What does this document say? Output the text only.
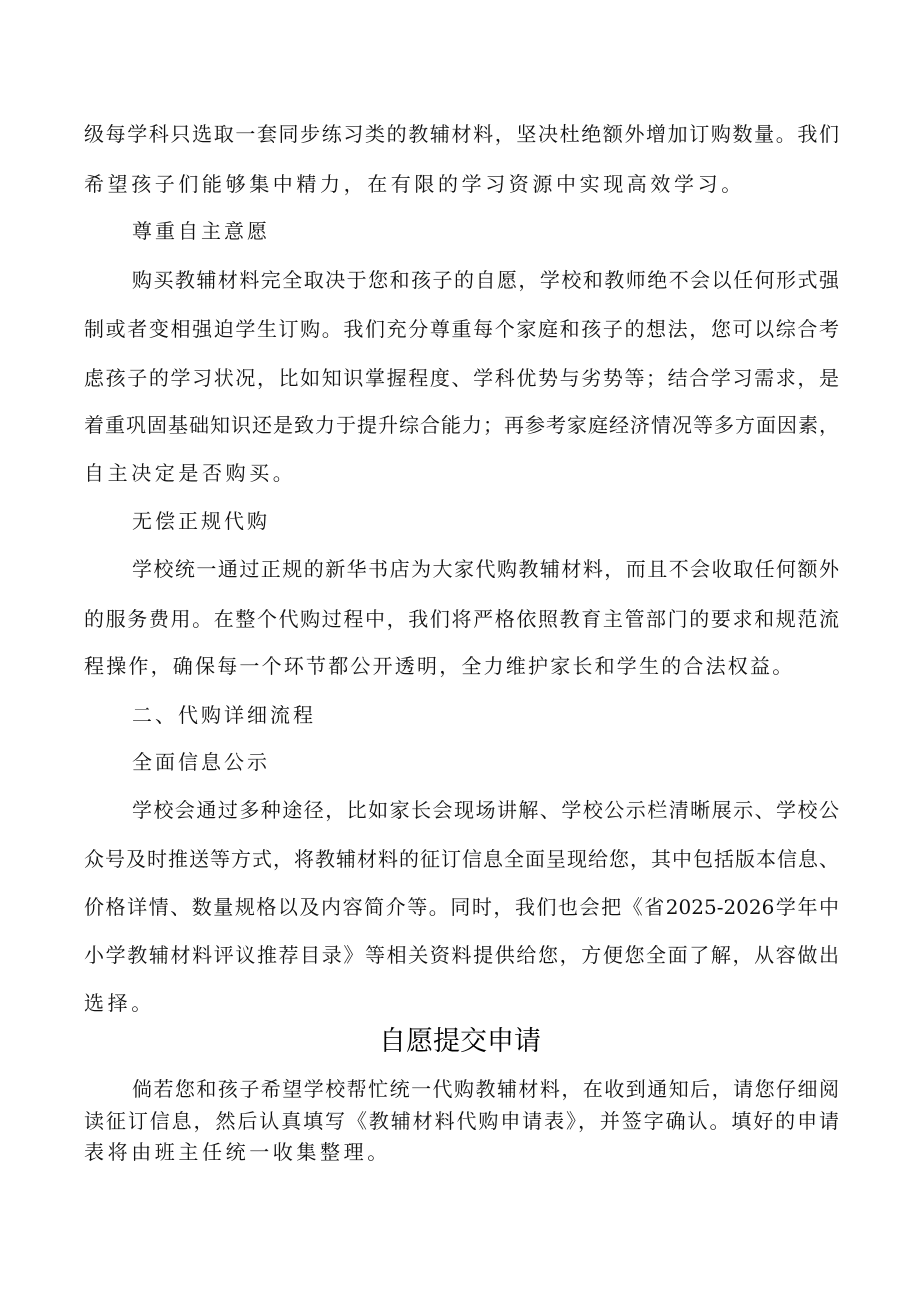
级每学科只选取一套同步练习类的教辅材料，坚决杜绝额外增加订购数量。我们
希望孩子们能够集中精力，在有限的学习资源中实现高效学习。
尊重自主意愿
购买教辅材料完全取决于您和孩子的自愿，学校和教师绝不会以任何形式强
制或者变相强迫学生订购。我们充分尊重每个家庭和孩子的想法，您可以综合考
虑孩子的学习状况，比如知识掌握程度、学科优势与劣势等；结合学习需求，是
着重巩固基础知识还是致力于提升综合能力；再参考家庭经济情况等多方面因素，
自主决定是否购买。
无偿正规代购
学校统一通过正规的新华书店为大家代购教辅材料，而且不会收取任何额外
的服务费用。在整个代购过程中，我们将严格依照教育主管部门的要求和规范流
程操作，确保每一个环节都公开透明，全力维护家长和学生的合法权益。
二、代购详细流程
全面信息公示
学校会通过多种途径，比如家长会现场讲解、学校公示栏清晰展示、学校公
众号及时推送等方式，将教辅材料的征订信息全面呈现给您，其中包括版本信息、
价格详情、数量规格以及内容简介等。同时，我们也会把《省2025-2026学年中
小学教辅材料评议推荐目录》等相关资料提供给您，方便您全面了解，从容做出
选择。
自愿提交申请
倘若您和孩子希望学校帮忙统一代购教辅材料，在收到通知后，请您仔细阅
读征订信息，然后认真填写《教辅材料代购申请表》，并签字确认。填好的申请
表将由班主任统一收集整理。
